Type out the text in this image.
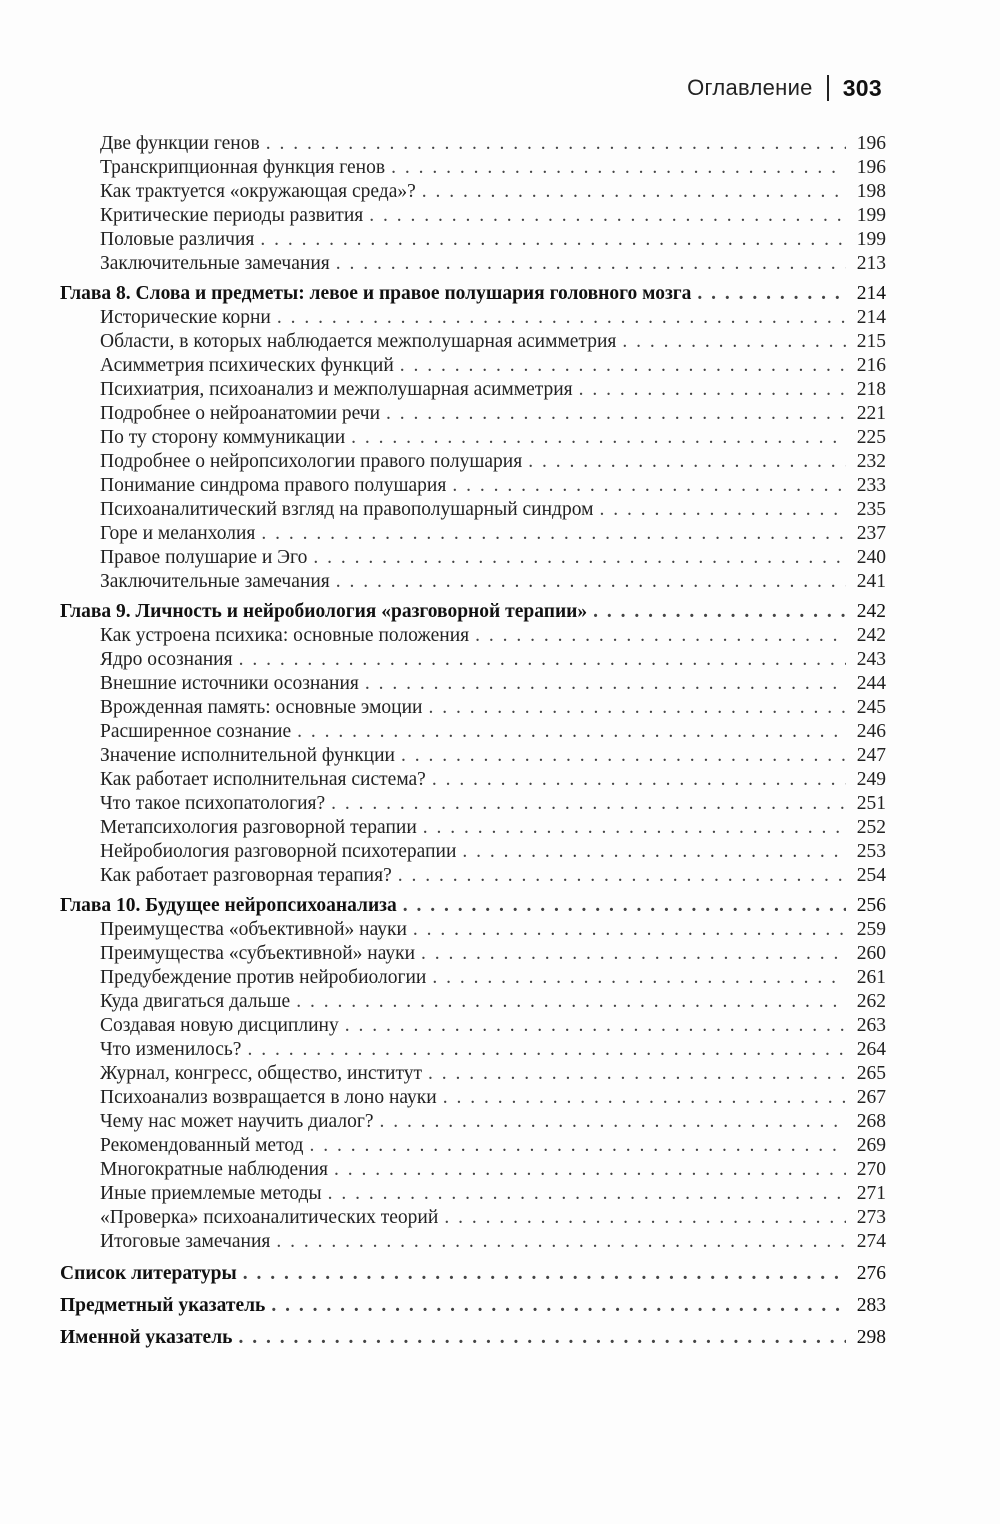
Оглавление 303
Две функции генов . . .	196
Транскрипционная функция генов . . .	196
Как трактуется «окружающая среда»? . . .	198
Критические периоды развития . . .	199
Половые различия . . .	199
Заключительные замечания . . .	213
Глава 8. Слова и предметы: левое и правое полушария головного мозга . . .	214
Исторические корни . . .	214
Области, в которых наблюдается межполушарная асимметрия . . .	215
Асимметрия психических функций . . .	216
Психиатрия, психоанализ и межполушарная асимметрия . . .	218
Подробнее о нейроанатомии речи . . .	221
По ту сторону коммуникации . . .	225
Подробнее о нейропсихологии правого полушария . . .	232
Понимание синдрома правого полушария . . .	233
Психоаналитический взгляд на правополушарный синдром . . .	235
Горе и меланхолия . . .	237
Правое полушарие и Эго . . .	240
Заключительные замечания . . .	241
Глава 9. Личность и нейробиология «разговорной терапии» . . .	242
Как устроена психика: основные положения . . .	242
Ядро осознания . . .	243
Внешние источники осознания . . .	244
Врожденная память: основные эмоции . . .	245
Расширенное сознание . . .	246
Значение исполнительной функции . . .	247
Как работает исполнительная система? . . .	249
Что такое психопатология? . . .	251
Метапсихология разговорной терапии . . .	252
Нейробиология разговорной психотерапии . . .	253
Как работает разговорная терапия? . . .	254
Глава 10. Будущее нейропсихоанализа . . .	256
Преимущества «объективной» науки . . .	259
Преимущества «субъективной» науки . . .	260
Предубеждение против нейробиологии . . .	261
Куда двигаться дальше . . .	262
Создавая новую дисциплину . . .	263
Что изменилось? . . .	264
Журнал, конгресс, общество, институт . . .	265
Психоанализ возвращается в лоно науки . . .	267
Чему нас может научить диалог? . . .	268
Рекомендованный метод . . .	269
Многократные наблюдения . . .	270
Иные приемлемые методы . . .	271
«Проверка» психоаналитических теорий . . .	273
Итоговые замечания . . .	274
Список литературы . . .	276
Предметный указатель . . .	283
Именной указатель . . .	298
